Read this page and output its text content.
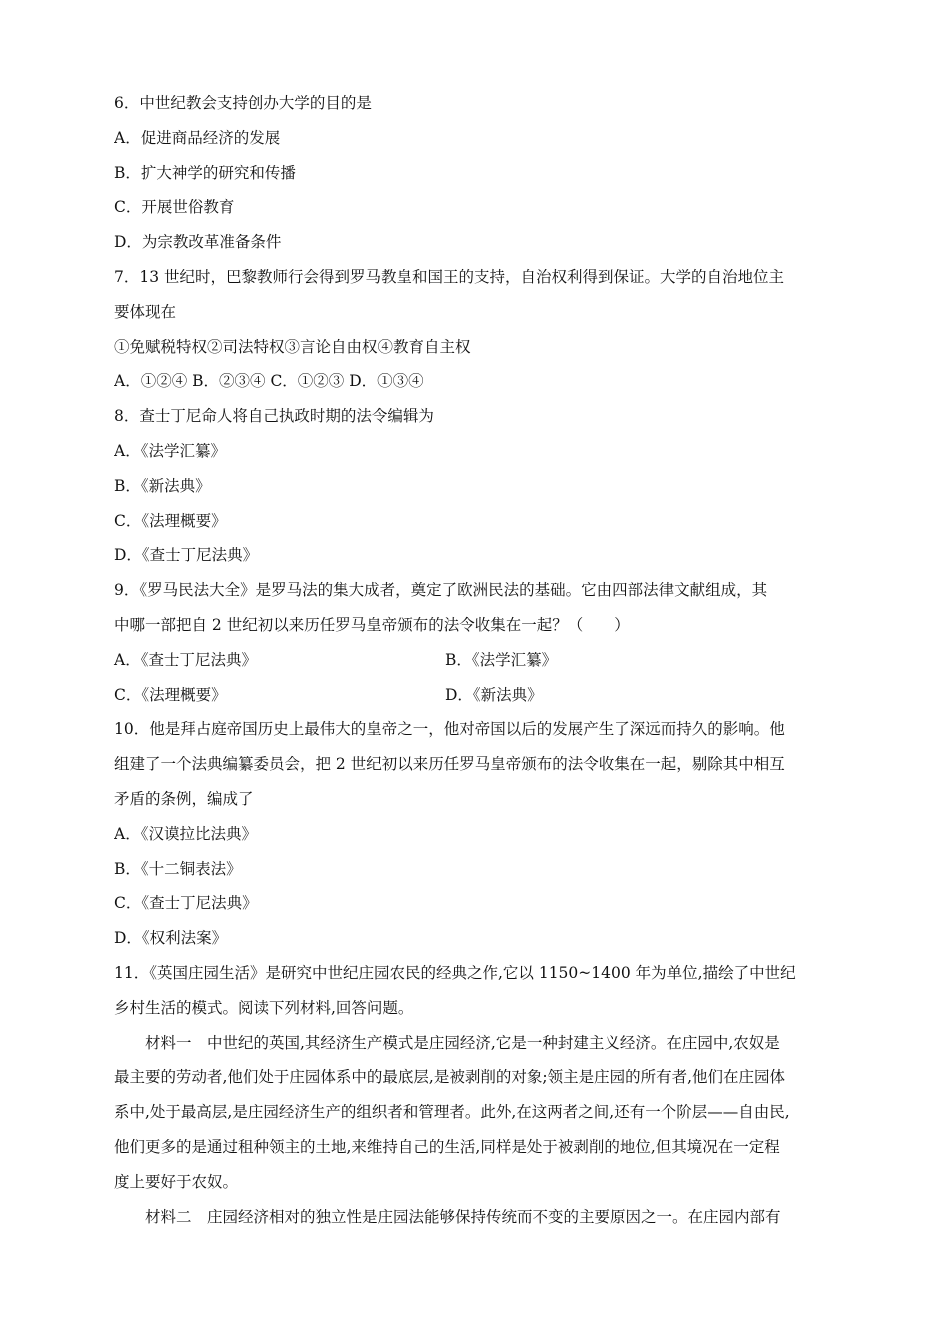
6．中世纪教会支持创办大学的目的是
A．促进商品经济的发展
B．扩大神学的研究和传播
C．开展世俗教育
D．为宗教改革准备条件
7．13 世纪时，巴黎教师行会得到罗马教皇和国王的支持，自治权利得到保证。大学的自治地位主
要体现在
①免赋税特权②司法特权③言论自由权④教育自主权
A．①②④ B．②③④ C．①②③ D．①③④
8．查士丁尼命人将自己执政时期的法令编辑为
A．《法学汇纂》
B．《新法典》
C．《法理概要》
D．《查士丁尼法典》
9．《罗马民法大全》是罗马法的集大成者，奠定了欧洲民法的基础。它由四部法律文献组成，其
中哪一部把自 2 世纪初以来历任罗马皇帝颁布的法令收集在一起？（　　）
A．《查士丁尼法典》	B．《法学汇纂》
C．《法理概要》	D．《新法典》
10．他是拜占庭帝国历史上最伟大的皇帝之一，他对帝国以后的发展产生了深远而持久的影响。他
组建了一个法典编纂委员会，把 2 世纪初以来历任罗马皇帝颁布的法令收集在一起，剔除其中相互
矛盾的条例，编成了
A．《汉谟拉比法典》
B．《十二铜表法》
C．《查士丁尼法典》
D．《权利法案》
11．《英国庄园生活》是研究中世纪庄园农民的经典之作,它以 1150~1400 年为单位,描绘了中世纪
乡村生活的模式。阅读下列材料,回答问题。
材料一　中世纪的英国,其经济生产模式是庄园经济,它是一种封建主义经济。在庄园中,农奴是
最主要的劳动者,他们处于庄园体系中的最底层,是被剥削的对象;领主是庄园的所有者,他们在庄园体
系中,处于最高层,是庄园经济生产的组织者和管理者。此外,在这两者之间,还有一个阶层——自由民,
他们更多的是通过租种领主的土地,来维持自己的生活,同样是处于被剥削的地位,但其境况在一定程
度上要好于农奴。
材料二　庄园经济相对的独立性是庄园法能够保持传统而不变的主要原因之一。在庄园内部有
